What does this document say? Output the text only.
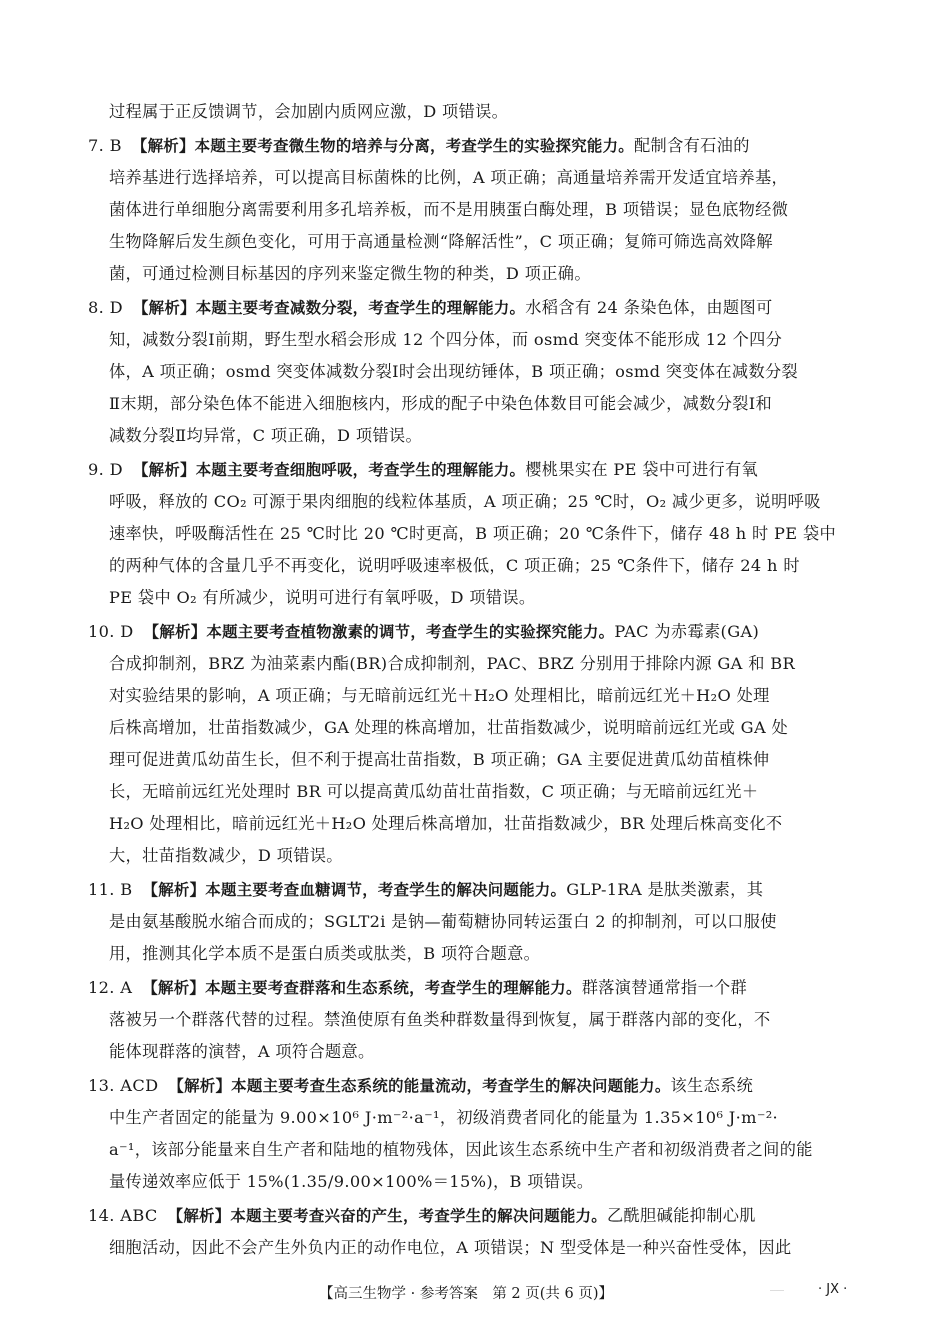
过程属于正反馈调节，会加剧内质网应激，D 项错误。
7. B 【解析】本题主要考查微生物的培养与分离，考查学生的实验探究能力。配制含有石油的
培养基进行选择培养，可以提高目标菌株的比例，A 项正确；高通量培养需开发适宜培养基，
菌体进行单细胞分离需要利用多孔培养板，而不是用胰蛋白酶处理，B 项错误；显色底物经微
生物降解后发生颜色变化，可用于高通量检测“降解活性”，C 项正确；复筛可筛选高效降解
菌，可通过检测目标基因的序列来鉴定微生物的种类，D 项正确。
8. D 【解析】本题主要考查减数分裂，考查学生的理解能力。水稻含有 24 条染色体，由题图可
知，减数分裂Ⅰ前期，野生型水稻会形成 12 个四分体，而 osmd 突变体不能形成 12 个四分
体，A 项正确；osmd 突变体减数分裂Ⅰ时会出现纺锤体，B 项正确；osmd 突变体在减数分裂
Ⅱ末期，部分染色体不能进入细胞核内，形成的配子中染色体数目可能会减少，减数分裂Ⅰ和
减数分裂Ⅱ均异常，C 项正确，D 项错误。
9. D 【解析】本题主要考查细胞呼吸，考查学生的理解能力。樱桃果实在 PE 袋中可进行有氧
呼吸，释放的 CO₂ 可源于果肉细胞的线粒体基质，A 项正确；25 ℃时，O₂ 减少更多，说明呼吸
速率快，呼吸酶活性在 25 ℃时比 20 ℃时更高，B 项正确；20 ℃条件下，储存 48 h 时 PE 袋中
的两种气体的含量几乎不再变化，说明呼吸速率极低，C 项正确；25 ℃条件下，储存 24 h 时
PE 袋中 O₂ 有所减少，说明可进行有氧呼吸，D 项错误。
10. D 【解析】本题主要考查植物激素的调节，考查学生的实验探究能力。PAC 为赤霉素(GA)
合成抑制剂，BRZ 为油菜素内酯(BR)合成抑制剂，PAC、BRZ 分别用于排除内源 GA 和 BR
对实验结果的影响，A 项正确；与无暗前远红光＋H₂O 处理相比，暗前远红光＋H₂O 处理
后株高增加，壮苗指数减少，GA 处理的株高增加，壮苗指数减少，说明暗前远红光或 GA 处
理可促进黄瓜幼苗生长，但不利于提高壮苗指数，B 项正确；GA 主要促进黄瓜幼苗植株伸
长，无暗前远红光处理时 BR 可以提高黄瓜幼苗壮苗指数，C 项正确；与无暗前远红光＋
H₂O 处理相比，暗前远红光＋H₂O 处理后株高增加，壮苗指数减少，BR 处理后株高变化不
大，壮苗指数减少，D 项错误。
11. B 【解析】本题主要考查血糖调节，考查学生的解决问题能力。GLP-1RA 是肽类激素，其
是由氨基酸脱水缩合而成的；SGLT2i 是钠—葡萄糖协同转运蛋白 2 的抑制剂，可以口服使
用，推测其化学本质不是蛋白质类或肽类，B 项符合题意。
12. A 【解析】本题主要考查群落和生态系统，考查学生的理解能力。群落演替通常指一个群
落被另一个群落代替的过程。禁渔使原有鱼类种群数量得到恢复，属于群落内部的变化，不
能体现群落的演替，A 项符合题意。
13. ACD 【解析】本题主要考查生态系统的能量流动，考查学生的解决问题能力。该生态系统
中生产者固定的能量为 9.00×10⁶ J·m⁻²·a⁻¹，初级消费者同化的能量为 1.35×10⁶ J·m⁻²·
a⁻¹，该部分能量来自生产者和陆地的植物残体，因此该生态系统中生产者和初级消费者之间的能
量传递效率应低于 15%(1.35/9.00×100%＝15%)，B 项错误。
14. ABC 【解析】本题主要考查兴奋的产生，考查学生的解决问题能力。乙酰胆碱能抑制心肌
细胞活动，因此不会产生外负内正的动作电位，A 项错误；N 型受体是一种兴奋性受体，因此
【高三生物学 · 参考答案　第 2 页(共 6 页)】	· JX ·
